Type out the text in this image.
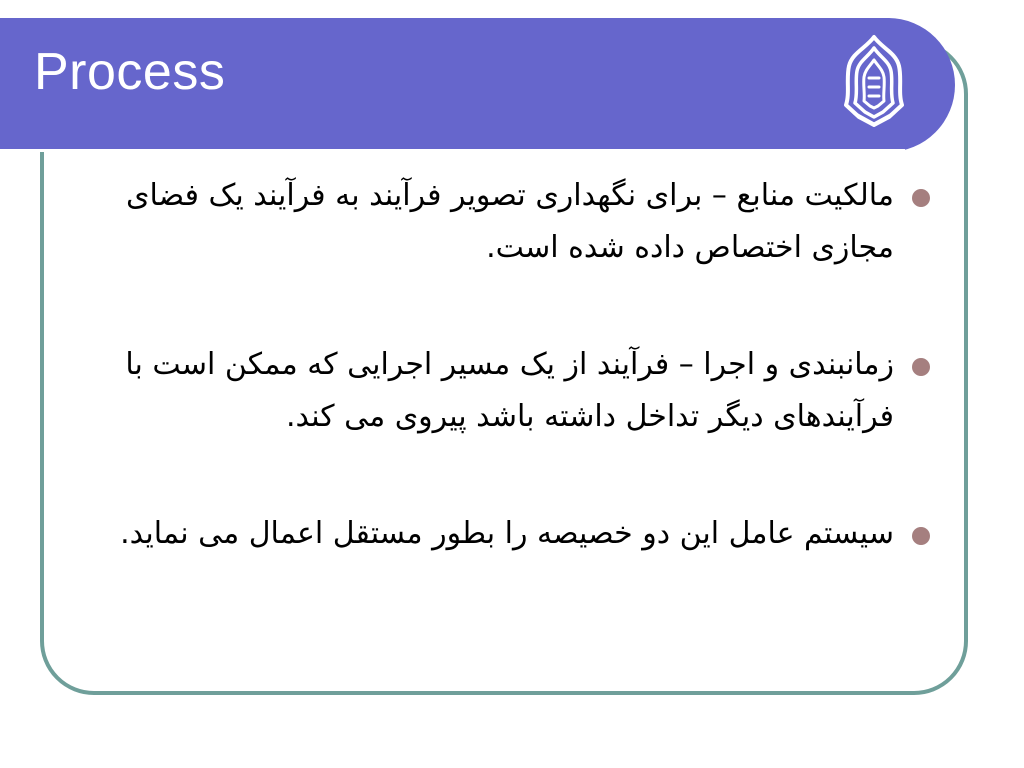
Process
مالکیت منابع – برای نگهداری تصویر فرآیند به فرآیند یک فضای مجازی اختصاص داده شده است.
زمانبندی و اجرا – فرآیند از یک مسیر اجرایی که ممکن است با فرآیندهای دیگر تداخل داشته باشد پیروی می کند.
سیستم عامل این دو خصیصه را بطور مستقل اعمال می نماید.
